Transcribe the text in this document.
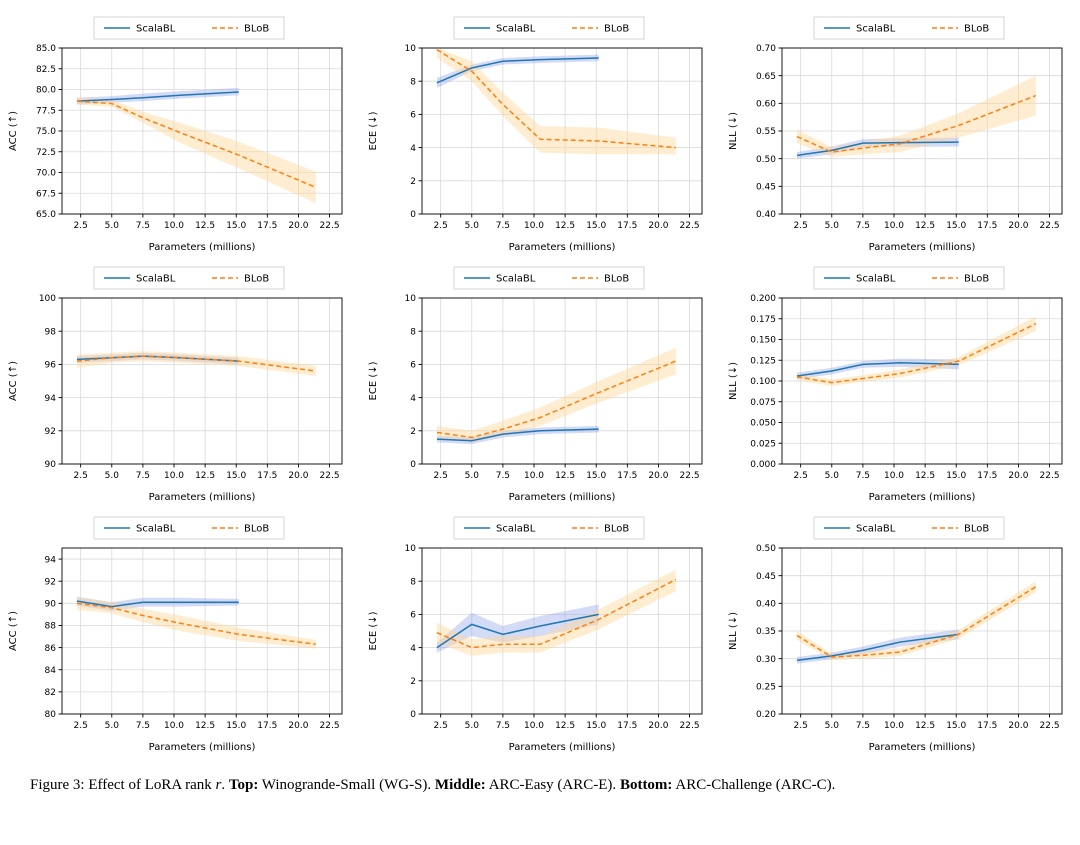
2.5 5.0 7.5 10.0 12.5 15.0 17.5 20.0 22.5
65.0
67.5
70.0
72.5
75.0
77.5
80.0
82.5
85.0
Parameters (millions)
ACC (↑)
ScalaBL	BLoB
2.5 5.0 7.5 10.0 12.5 15.0 17.5 20.0 22.5
0
2
4
6
8
10
Parameters (millions)
ECE (↓)
ScalaBL	BLoB
2.5 5.0 7.5 10.0 12.5 15.0 17.5 20.0 22.5
0.40
0.45
0.50
0.55
0.60
0.65
0.70
Parameters (millions)
NLL (↓)
ScalaBL	BLoB
2.5 5.0 7.5 10.0 12.5 15.0 17.5 20.0 22.5
90
92
94
96
98
100
Parameters (millions)
ACC (↑)
ScalaBL	BLoB
2.5 5.0 7.5 10.0 12.5 15.0 17.5 20.0 22.5
0
2
4
6
8
10
Parameters (millions)
ECE (↓)
ScalaBL	BLoB
2.5 5.0 7.5 10.0 12.5 15.0 17.5 20.0 22.5
0.000
0.025
0.050
0.075
0.100
0.125
0.150
0.175
0.200
Parameters (millions)
NLL (↓)
ScalaBL	BLoB
2.5 5.0 7.5 10.0 12.5 15.0 17.5 20.0 22.5
80
82
84
86
88
90
92
94
Parameters (millions)
ACC (↑)
ScalaBL	BLoB
2.5 5.0 7.5 10.0 12.5 15.0 17.5 20.0 22.5
0
2
4
6
8
10
Parameters (millions)
ECE (↓)
ScalaBL	BLoB
2.5 5.0 7.5 10.0 12.5 15.0 17.5 20.0 22.5
0.20
0.25
0.30
0.35
0.40
0.45
0.50
Parameters (millions)
NLL (↓)
ScalaBL	BLoB
Figure 3: Effect of LoRA rank r. Top: Winogrande-Small (WG-S). Middle: ARC-Easy (ARC-E). Bottom: ARC-Challenge (ARC-C).
